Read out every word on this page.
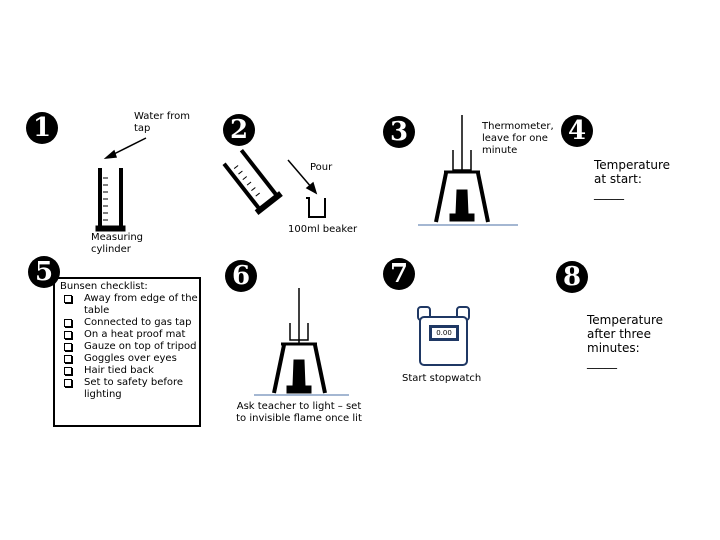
1	2	3	4
5	6	7	8
Water from tap
Measuring cylinder
Pour
100ml beaker
Thermometer, leave for one minute
Temperature at start: _____
Ask teacher to light – set to invisible flame once lit
Start stopwatch
0.00
Temperature after three minutes: _____
Bunsen checklist:
Away from edge of the table
Connected to gas tap
On a heat proof mat
Gauze on top of tripod
Goggles over eyes
Hair tied back
Set to safety before lighting
